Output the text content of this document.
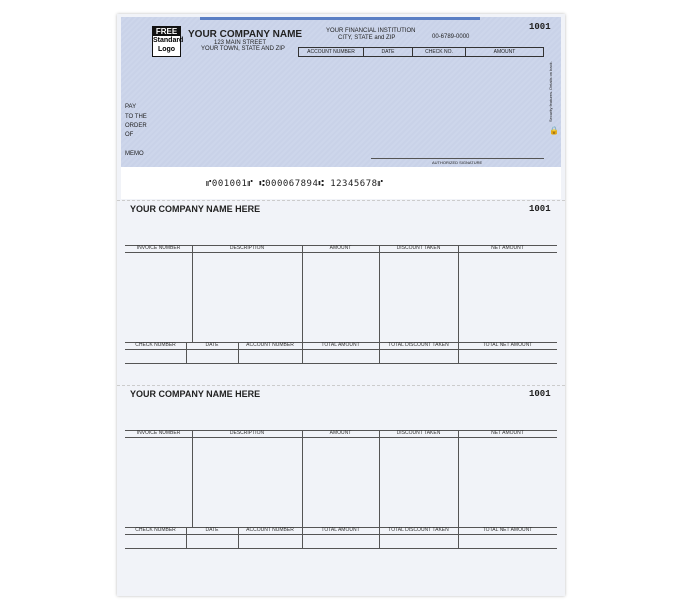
FREE
Standard
Logo
YOUR COMPANY NAME
123 MAIN STREET
YOUR TOWN, STATE AND ZIP
YOUR FINANCIAL INSTITUTION
CITY, STATE and ZIP	00-6789-0000
1001
ACCOUNT NUMBER	DATE	CHECK NO.	AMOUNT
PAY
TO THE
ORDER
OF
MEMO
AUTHORIZED SIGNATURE
Security features. Details on back.
🔒
⑈001001⑈ ⑆000067894⑆ 12345678⑈
YOUR COMPANY NAME HERE	1001
INVOICE NUMBER	DESCRIPTION	AMOUNT	DISCOUNT TAKEN	NET AMOUNT
CHECK NUMBER	DATE	ACCOUNT NUMBER	TOTAL AMOUNT	TOTAL DISCOUNT TAKEN	TOTAL NET AMOUNT
YOUR COMPANY NAME HERE	1001
INVOICE NUMBER	DESCRIPTION	AMOUNT	DISCOUNT TAKEN	NET AMOUNT
CHECK NUMBER	DATE	ACCOUNT NUMBER	TOTAL AMOUNT	TOTAL DISCOUNT TAKEN	TOTAL NET AMOUNT
